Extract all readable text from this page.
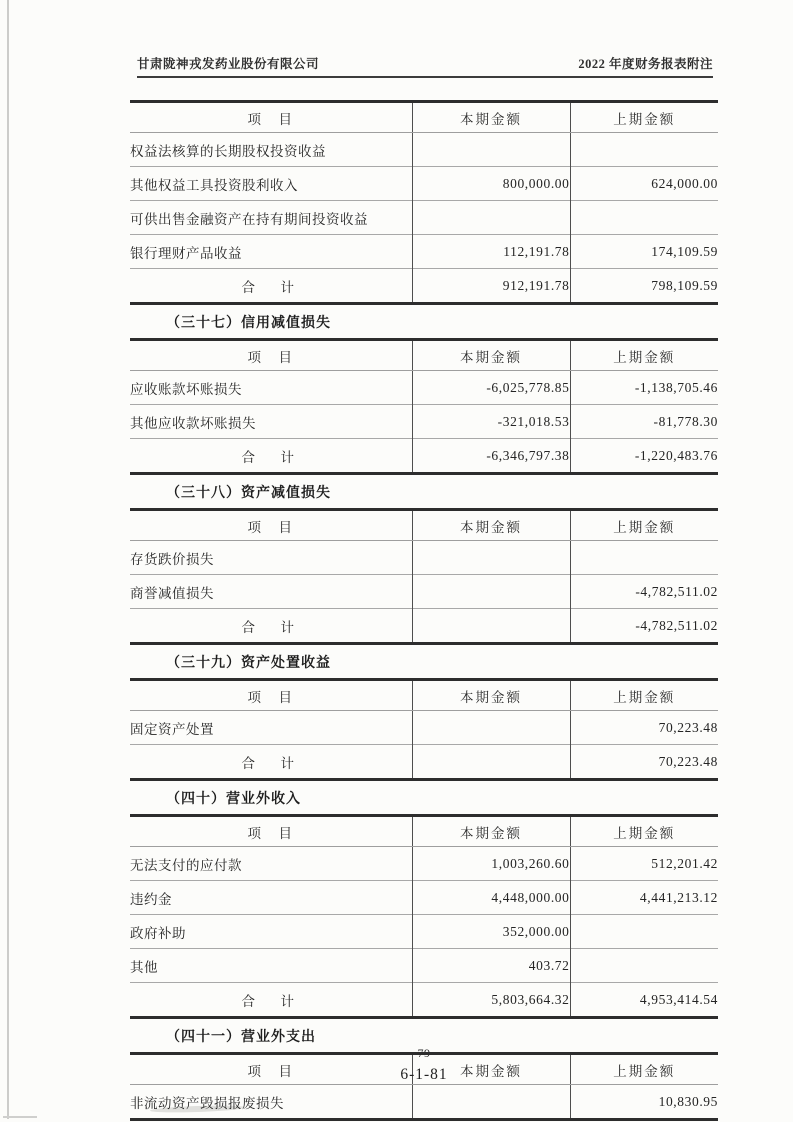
甘肃陇神戎发药业股份有限公司	2022 年度财务报表附注
项　目	本期金额	上期金额
权益法核算的长期股权投资收益		
其他权益工具投资股利收入	800,000.00	624,000.00
可供出售金融资产在持有期间投资收益		
银行理财产品收益	112,191.78	174,109.59
合　计	912,191.78	798,109.59
（三十七）信用减值损失
项　目	本期金额	上期金额
应收账款坏账损失	-6,025,778.85	-1,138,705.46
其他应收款坏账损失	-321,018.53	-81,778.30
合　计	-6,346,797.38	-1,220,483.76
（三十八）资产减值损失
项　目	本期金额	上期金额
存货跌价损失		
商誉减值损失		-4,782,511.02
合　计		-4,782,511.02
（三十九）资产处置收益
项　目	本期金额	上期金额
固定资产处置		70,223.48
合　计		70,223.48
（四十）营业外收入
项　目	本期金额	上期金额
无法支付的应付款	1,003,260.60	512,201.42
违约金	4,448,000.00	4,441,213.12
政府补助	352,000.00	
其他	403.72	
合　计	5,803,664.32	4,953,414.54
（四十一）营业外支出
项　目	本期金额	上期金额
非流动资产毁损报废损失		10,830.95
79
6-1-81
